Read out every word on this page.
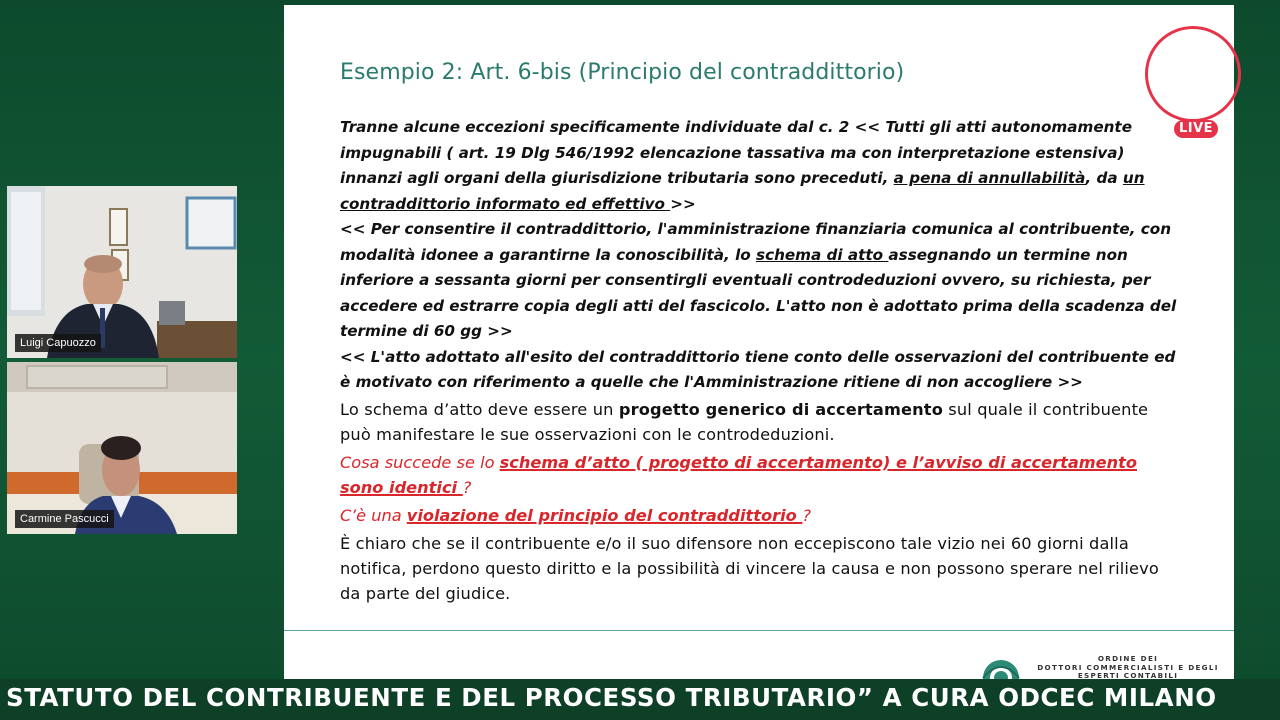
Esempio 2: Art. 6-bis (Principio del contraddittorio)

Tranne alcune eccezioni specificamente individuate dal c. 2 << Tutti gli atti autonomamente impugnabili ( art. 19 Dlg 546/1992 elencazione tassativa ma con interpretazione estensiva) innanzi agli organi della giurisdizione tributaria sono preceduti, a pena di annullabilità, da un contraddittorio informato ed effettivo >>

<< Per consentire il contraddittorio, l'amministrazione finanziaria comunica al contribuente, con modalità idonee a garantirne la conoscibilità, lo schema di atto assegnando un termine non inferiore a sessanta giorni per consentirgli eventuali controdeduzioni ovvero, su richiesta, per accedere ed estrarre copia degli atti del fascicolo. L'atto non è adottato prima della scadenza del termine di 60 gg >>

<< L'atto adottato all'esito del contraddittorio tiene conto delle osservazioni del contribuente ed è motivato con riferimento a quelle che l'Amministrazione ritiene di non accogliere >>

Lo schema d’atto deve essere un progetto generico di accertamento sul quale il contribuente può manifestare le sue osservazioni con le controdeduzioni.

Cosa succede se lo schema d’atto ( progetto di accertamento) e l’avviso di accertamento sono identici ?

C’è una violazione del principio del contraddittorio ?

È chiaro che se il contribuente e/o il suo difensore non eccepiscono tale vizio nei 60 giorni dalla notifica, perdono questo diritto e la possibilità di vincere la causa e non possono sperare nel rilievo da parte del giudice.

ORDINE DEI
DOTTORI COMMERCIALISTI E DEGLI
ESPERTI CONTABILI
LIVE
Luigi Capuozzo
Carmine Pascucci
STATUTO DEL CONTRIBUENTE E DEL PROCESSO TRIBUTARIO” A CURA ODCEC MILANO
